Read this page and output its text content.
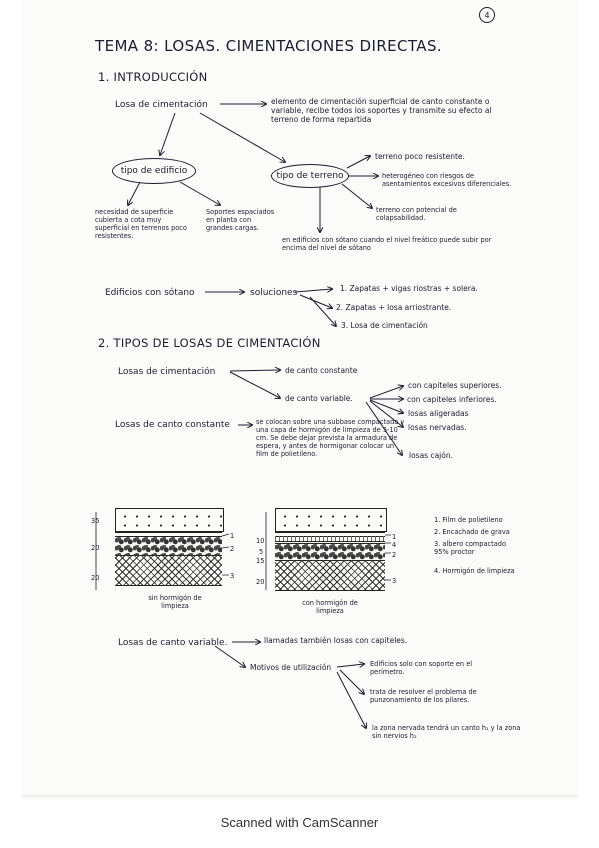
4
TEMA 8: LOSAS. CIMENTACIONES DIRECTAS.
1. INTRODUCCIÓN
Losa de cimentación	elemento de cimentación superficial de canto constante o variable, recibe todos los soportes y transmite su efecto al terreno de forma repartida
tipo de edificio	tipo de terreno
necesidad de superficie cubierta a cota muy superficial en terrenos poco resistentes.
Soportes espaciados en planta con grandes cargas.
terreno poco resistente.
heterogéneo con riesgos de asentamientos excesivos diferenciales.
terreno con potencial de colapsabilidad.
en edificios con sótano cuando el nivel freático puede subir por encima del nivel de sótano
Edificios con sótano	soluciones	1. Zapatas + vigas riostras + solera.
2. Zapatas + losa arriostrante.
3. Losa de cimentación
2. TIPOS DE LOSAS DE CIMENTACIÓN
Losas de cimentación	de canto constante
de canto variable.
con capiteles superiores.
con capiteles inferiores.
losas aligeradas
losas nervadas.
losas cajón.
Losas de canto constante	se colocan sobre una subbase compactada y una capa de hormigón de limpieza de 5-10 cm. Se debe dejar prevista la armadura de espera, y antes de hormigonar colocar un film de polietileno.
35
20
20
1
2
3
sin hormigón de limpieza
10
5
15
20
1
4
2
3
con hormigón de limpieza
1. Film de polietileno
2. Encachado de grava
3. albero compactado 95% proctor
4. Hormigón de limpieza
Losas de canto variable.	llamadas también losas con capiteles.
Motivos de utilización	Edificios solo con soporte en el perímetro.
trata de resolver el problema de punzonamiento de los pilares.
la zona nervada tendrá un canto h₁ y la zona sin nervios h₂
Scanned with CamScanner
